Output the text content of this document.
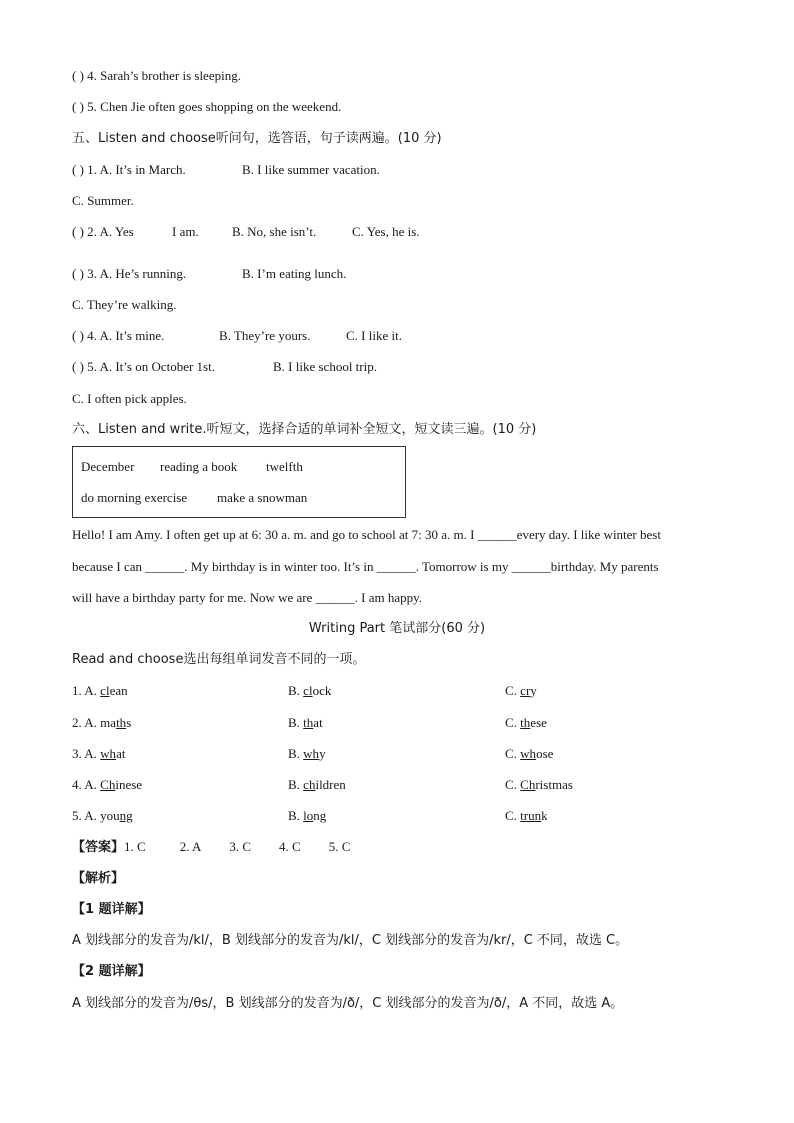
( ) 4. Sarah’s brother is sleeping.
( ) 5. Chen Jie often goes shopping on the weekend.
五、Listen and choose听问句，选答语，句子读两遍。(10 分)
( ) 1. A. It’s in March.	B. I like summer vacation.
C. Summer.
( ) 2. A. Yes	I am.	B. No, she isn’t.	C. Yes, he is.
( ) 3. A. He’s running.	B. I’m eating lunch.
C. They’re walking.
( ) 4. A. It’s mine.	B. They’re yours.	C. I like it.
( ) 5. A. It’s on October 1st.	B. I like school trip.
C. I often pick apples.
六、Listen and write.听短文，选择合适的单词补全短文，短文读三遍。(10 分)
December reading a book twelfth
do morning exercise make a snowman
Hello! I am Amy. I often get up at 6: 30 a. m. and go to school at 7: 30 a. m. I ______every day. I like winter best
because I can ______. My birthday is in winter too. It’s in ______. Tomorrow is my ______birthday. My parents
will have a birthday party for me. Now we are ______. I am happy.
Writing Part 笔试部分(60 分)
Read and choose选出每组单词发音不同的一项。
1. A. clean	B. clock	C. cry
2. A. maths	B. that	C. these
3. A. what	B. why	C. whose
4. A. Chinese	B. children	C. Christmas
5. A. young	B. long	C. trunk
【答案】1. C	2. A 3. C 4. C 5. C
【解析】
【1 题详解】
A 划线部分的发音为/kl/，B 划线部分的发音为/kl/，C 划线部分的发音为/kr/，C 不同，故选 C。
【2 题详解】
A 划线部分的发音为/θs/，B 划线部分的发音为/ð/，C 划线部分的发音为/ð/，A 不同，故选 A。
